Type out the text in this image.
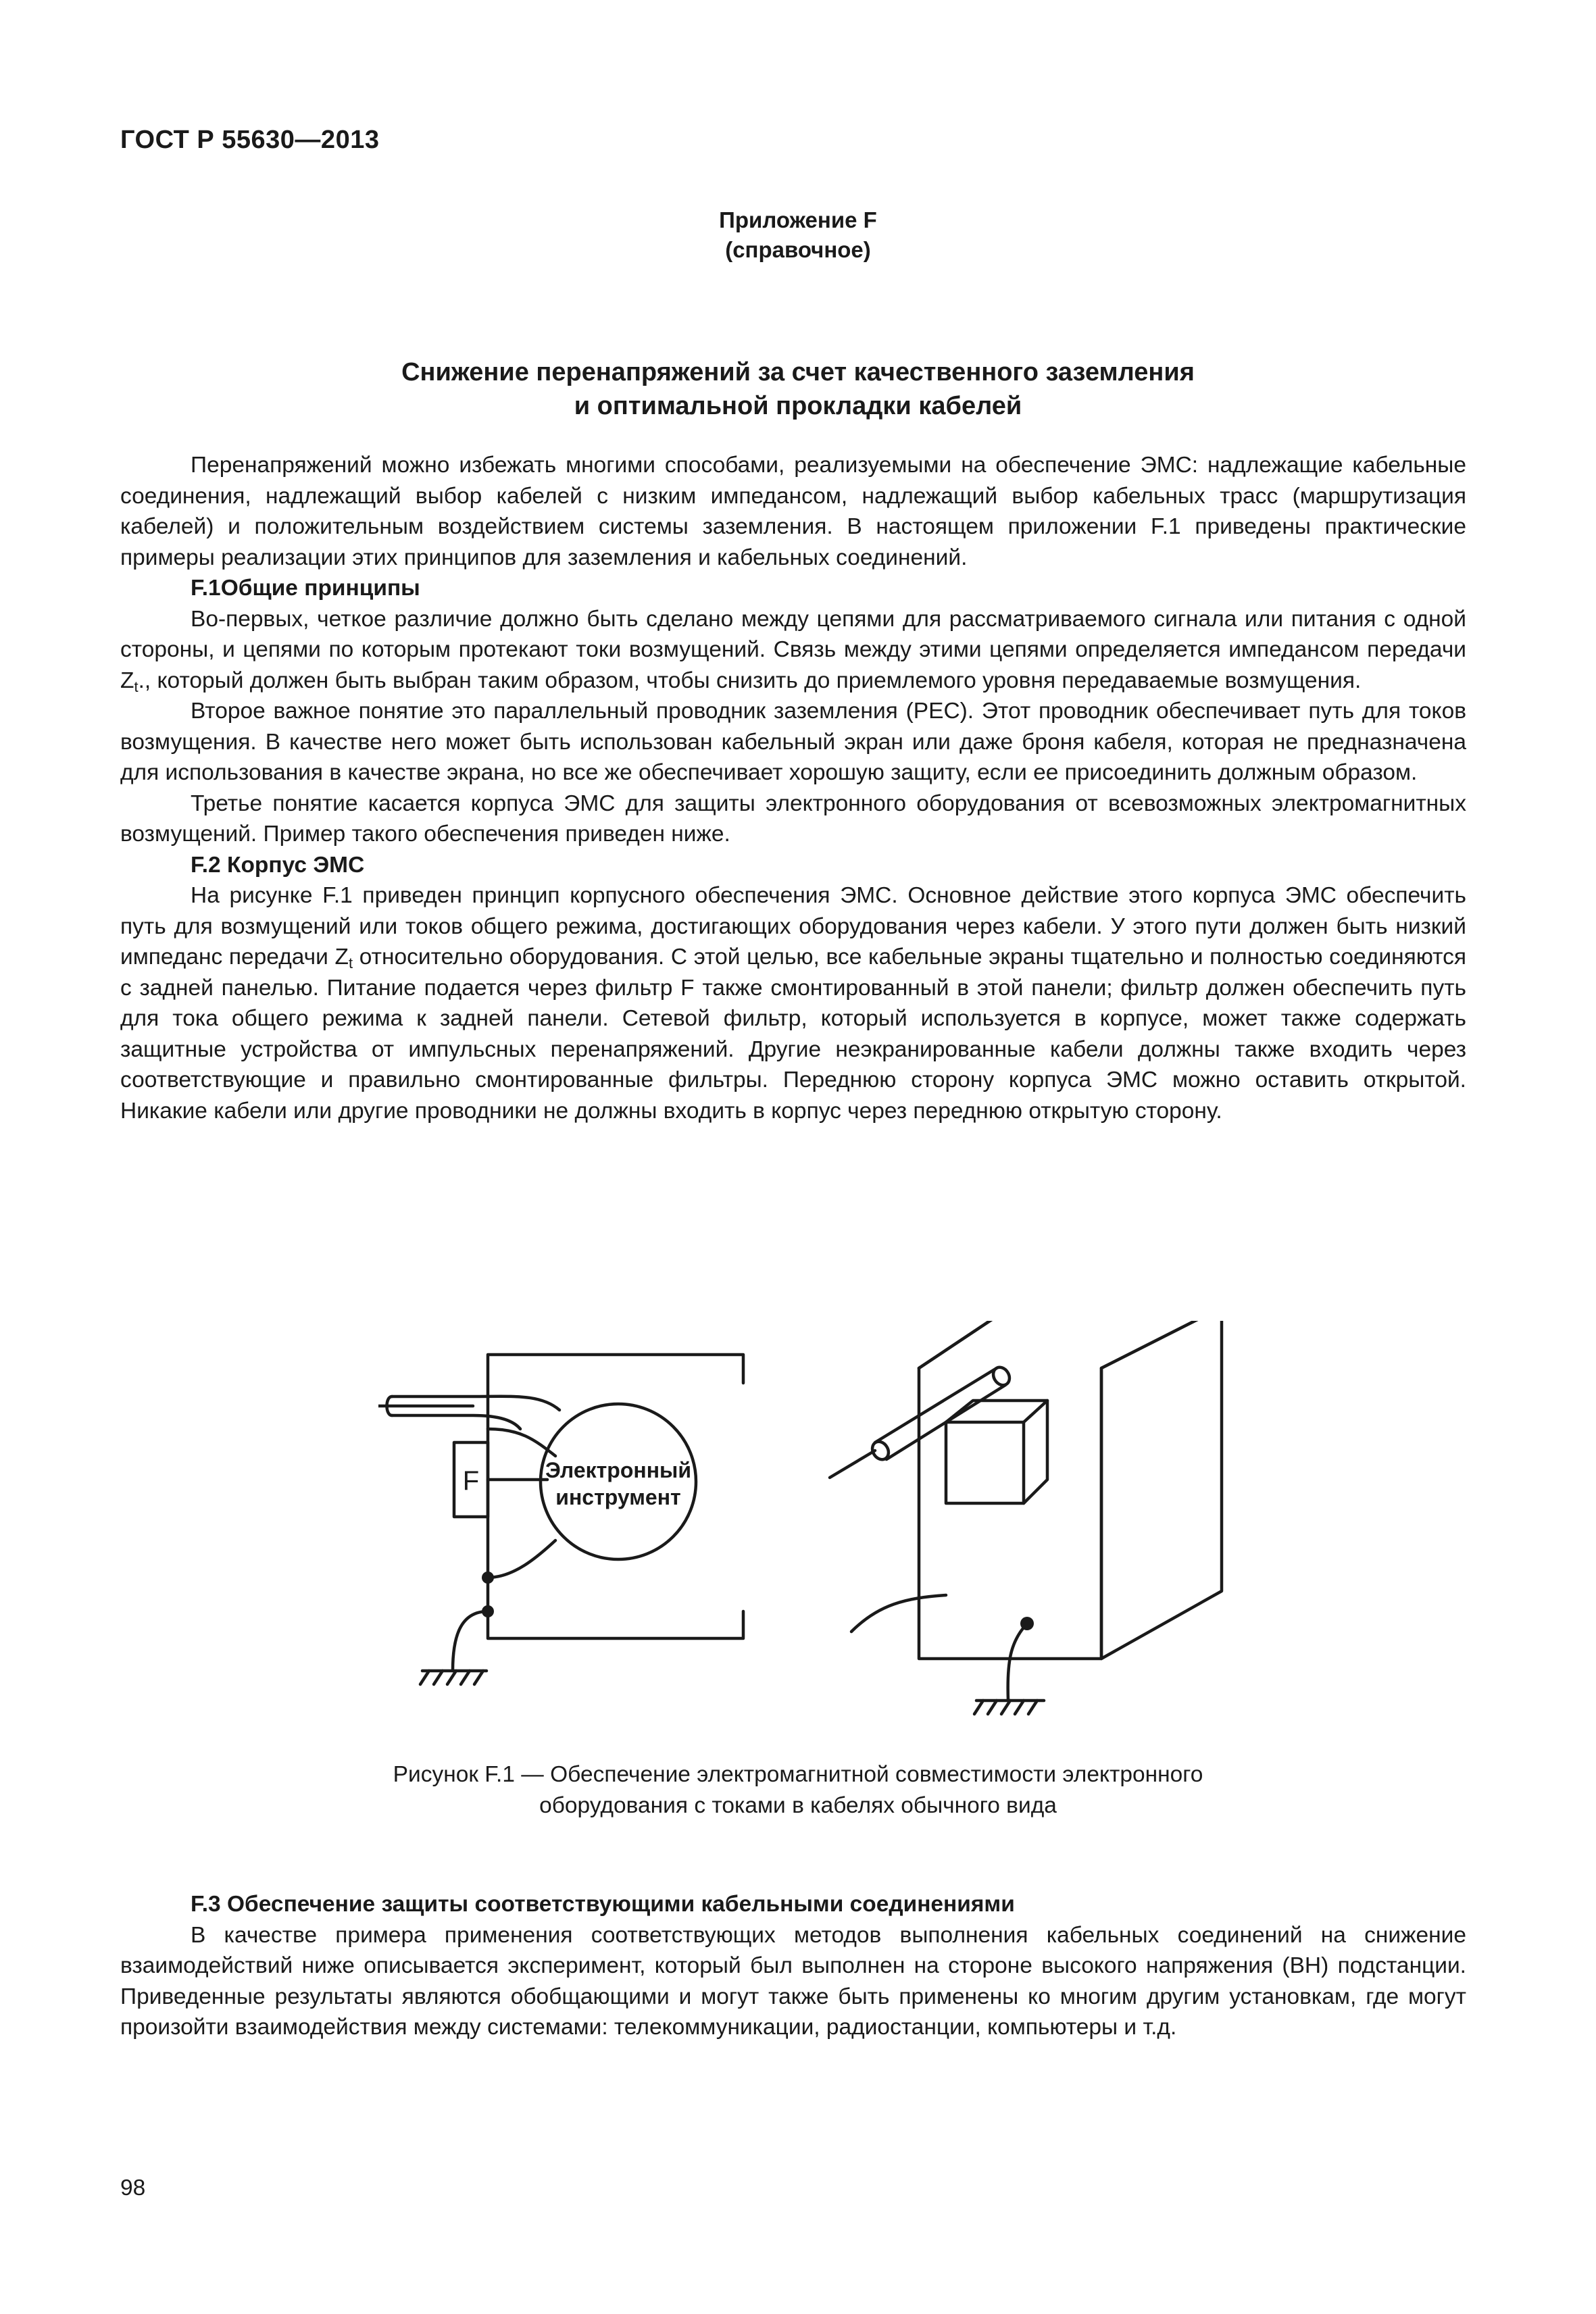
ГОСТ Р 55630—2013
Приложение F
(справочное)
Снижение перенапряжений за счет качественного заземления
и оптимальной прокладки кабелей

Перенапряжений можно избежать многими способами, реализуемыми на обеспечение ЭМС: надлежащие кабельные соединения, надлежащий выбор кабелей с низким импедансом, надлежащий выбор кабельных трасс (маршрутизация кабелей) и положительным воздействием системы заземления. В настоящем приложении F.1 приведены практические примеры реализации этих принципов для заземления и кабельных соединений.

F.1Общие принципы

Во-первых, четкое различие должно быть сделано между цепями для рассматриваемого сигнала или питания с одной стороны, и цепями по которым протекают токи возмущений. Связь между этими цепями определяется импедансом передачи $Z_t$., который должен быть выбран таким образом, чтобы снизить до приемлемого уровня передаваемые возмущения.

Второе важное понятие это параллельный проводник заземления (PEC). Этот проводник обеспечивает путь для токов возмущения. В качестве него может быть использован кабельный экран или даже броня кабеля, которая не предназначена для использования в качестве экрана, но все же обеспечивает хорошую защиту, если ее присоединить должным образом.

Третье понятие касается корпуса ЭМС для защиты электронного оборудования от всевозможных электромагнитных возмущений. Пример такого обеспечения приведен ниже.

F.2 Корпус ЭМС

На рисунке F.1 приведен принцип корпусного обеспечения ЭМС. Основное действие этого корпуса ЭМС обеспечить путь для возмущений или токов общего режима, достигающих оборудования через кабели. У этого пути должен быть низкий импеданс передачи $Z_t$ относительно оборудования. С этой целью, все кабельные экраны тщательно и полностью соединяются с задней панелью. Питание подается через фильтр F также смонтированный в этой панели; фильтр должен обеспечить путь для тока общего режима к задней панели. Сетевой фильтр, который используется в корпусе, может также содержать защитные устройства от импульсных перенапряжений. Другие неэкранированные кабели должны также входить через соответствующие и правильно смонтированные фильтры. Переднюю сторону корпуса ЭМС можно оставить открытой. Никакие кабели или другие проводники не должны входить в корпус через переднюю открытую сторону.

F	Электронный
инструмент
Рисунок F.1 — Обеспечение электромагнитной совместимости электронного
оборудования с токами в кабелях обычного вида

F.3 Обеспечение защиты соответствующими кабельными соединениями

В качестве примера применения соответствующих методов выполнения кабельных соединений на снижение взаимодействий ниже описывается эксперимент, который был выполнен на стороне высокого напряжения (ВН) подстанции. Приведенные результаты являются обобщающими и могут также быть применены ко многим другим установкам, где могут произойти взаимодействия между системами: телекоммуникации, радиостанции, компьютеры и т.д.

98
